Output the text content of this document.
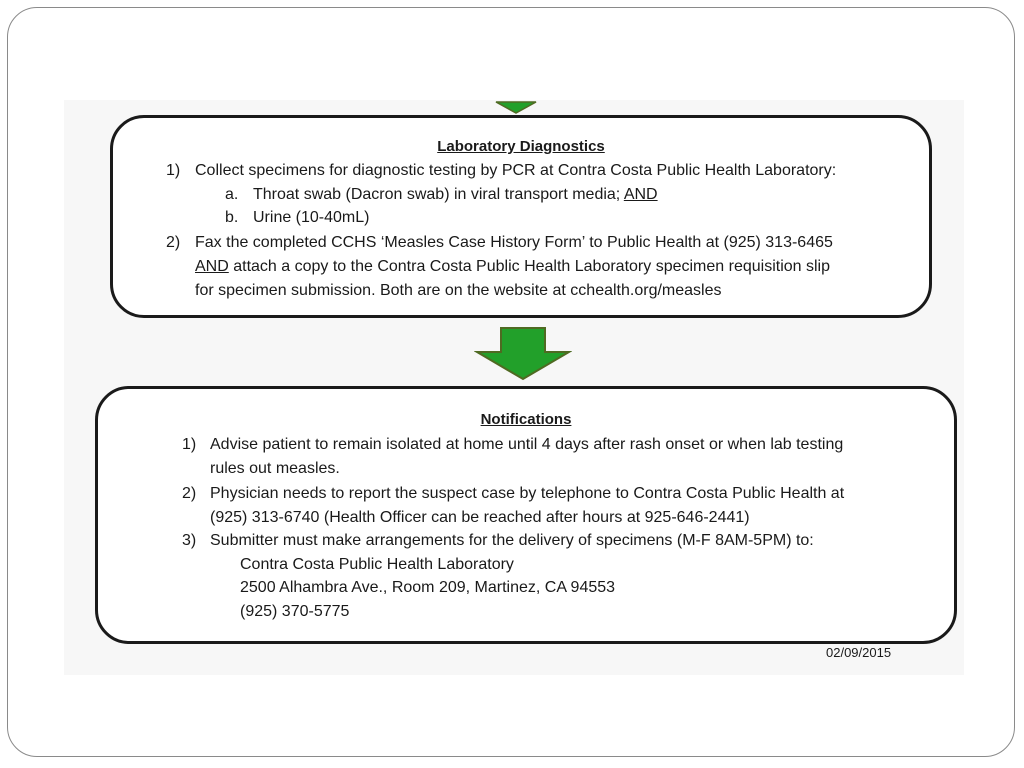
Laboratory Diagnostics
1) Collect specimens for diagnostic testing by PCR at Contra Costa Public Health Laboratory:
a. Throat swab (Dacron swab) in viral transport media; AND
b. Urine (10-40mL)
2) Fax the completed CCHS ‘Measles Case History Form’ to Public Health at (925) 313-6465
AND attach a copy to the Contra Costa Public Health Laboratory specimen requisition slip
for specimen submission. Both are on the website at cchealth.org/measles
Notifications
1) Advise patient to remain isolated at home until 4 days after rash onset or when lab testing
rules out measles.
2) Physician needs to report the suspect case by telephone to Contra Costa Public Health at
(925) 313-6740 (Health Officer can be reached after hours at 925-646-2441)
3) Submitter must make arrangements for the delivery of specimens (M-F 8AM-5PM) to:
Contra Costa Public Health Laboratory
2500 Alhambra Ave., Room 209, Martinez, CA 94553
(925) 370-5775
02/09/2015
